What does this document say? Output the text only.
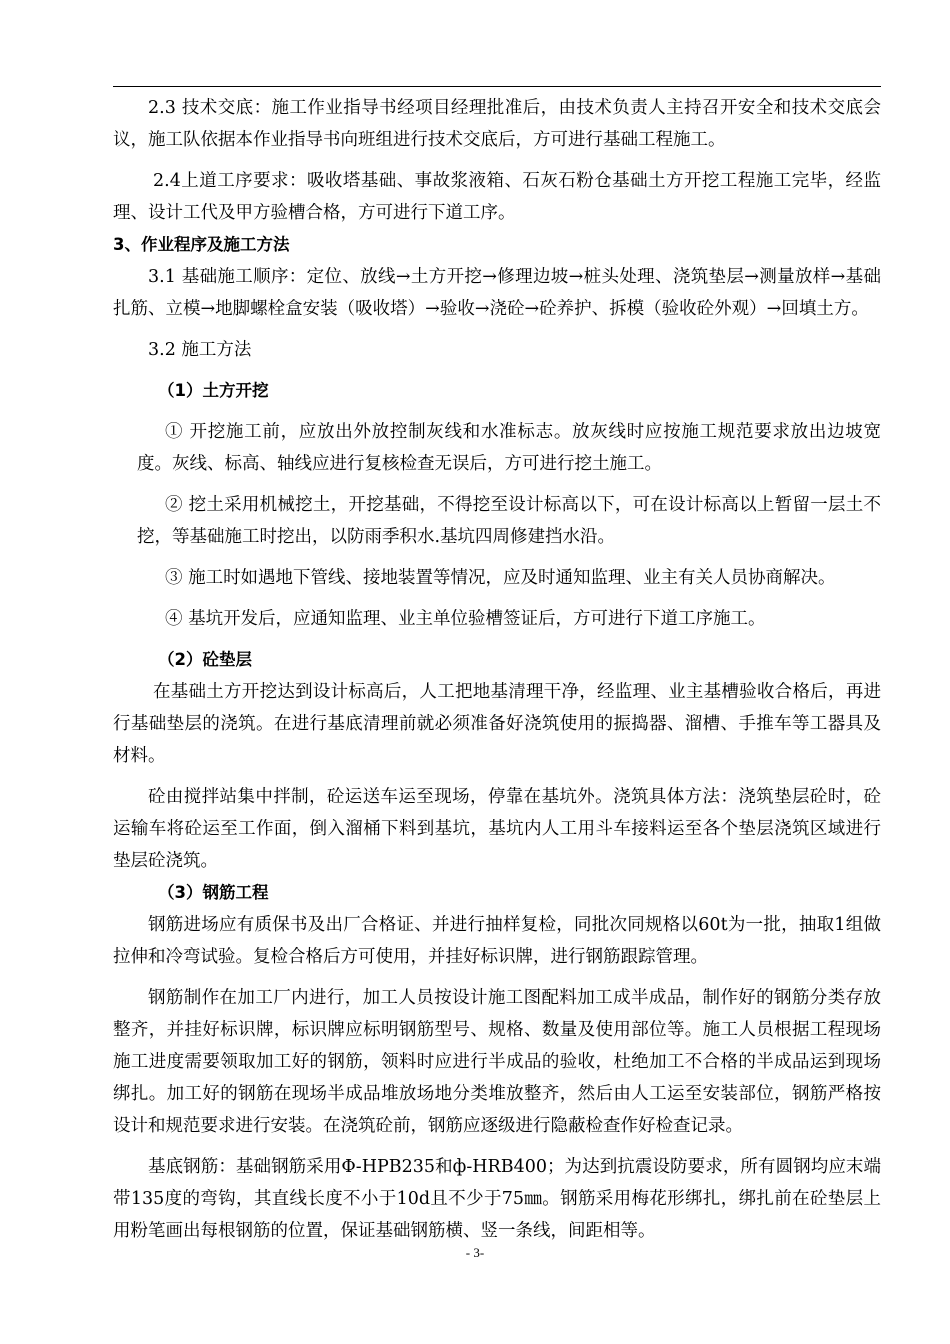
2.3 技术交底：施工作业指导书经项目经理批准后，由技术负责人主持召开安全和技术交底会议，施工队依据本作业指导书向班组进行技术交底后，方可进行基础工程施工。

2.4上道工序要求：吸收塔基础、事故浆液箱、石灰石粉仓基础土方开挖工程施工完毕，经监理、设计工代及甲方验槽合格，方可进行下道工序。

3、作业程序及施工方法

3.1 基础施工顺序：定位、放线→土方开挖→修理边坡→桩头处理、浇筑垫层→测量放样→基础扎筋、立模→地脚螺栓盒安装（吸收塔）→验收→浇砼→砼养护、拆模（验收砼外观）→回填土方。

3.2 施工方法

（1）土方开挖

① 开挖施工前，应放出外放控制灰线和水准标志。放灰线时应按施工规范要求放出边坡宽度。灰线、标高、轴线应进行复核检查无误后，方可进行挖土施工。

② 挖土采用机械挖土，开挖基础，不得挖至设计标高以下，可在设计标高以上暂留一层土不挖，等基础施工时挖出，以防雨季积水.基坑四周修建挡水沿。

③ 施工时如遇地下管线、接地装置等情况，应及时通知监理、业主有关人员协商解决。

④ 基坑开发后，应通知监理、业主单位验槽签证后，方可进行下道工序施工。

（2）砼垫层

在基础土方开挖达到设计标高后，人工把地基清理干净，经监理、业主基槽验收合格后，再进行基础垫层的浇筑。在进行基底清理前就必须准备好浇筑使用的振捣器、溜槽、手推车等工器具及材料。

砼由搅拌站集中拌制，砼运送车运至现场，停靠在基坑外。浇筑具体方法：浇筑垫层砼时，砼运输车将砼运至工作面，倒入溜桶下料到基坑，基坑内人工用斗车接料运至各个垫层浇筑区域进行垫层砼浇筑。

（3）钢筋工程

钢筋进场应有质保书及出厂合格证、并进行抽样复检，同批次同规格以60t为一批，抽取1组做拉伸和冷弯试验。复检合格后方可使用，并挂好标识牌，进行钢筋跟踪管理。

钢筋制作在加工厂内进行，加工人员按设计施工图配料加工成半成品，制作好的钢筋分类存放整齐，并挂好标识牌，标识牌应标明钢筋型号、规格、数量及使用部位等。施工人员根据工程现场施工进度需要领取加工好的钢筋，领料时应进行半成品的验收，杜绝加工不合格的半成品运到现场绑扎。加工好的钢筋在现场半成品堆放场地分类堆放整齐，然后由人工运至安装部位，钢筋严格按设计和规范要求进行安装。在浇筑砼前，钢筋应逐级进行隐蔽检查作好检查记录。

基底钢筋：基础钢筋采用Φ-HPB235和ф-HRB400；为达到抗震设防要求，所有圆钢均应末端带135度的弯钩，其直线长度不小于10d且不少于75㎜。钢筋采用梅花形绑扎，绑扎前在砼垫层上用粉笔画出每根钢筋的位置，保证基础钢筋横、竖一条线，间距相等。

- 3-
